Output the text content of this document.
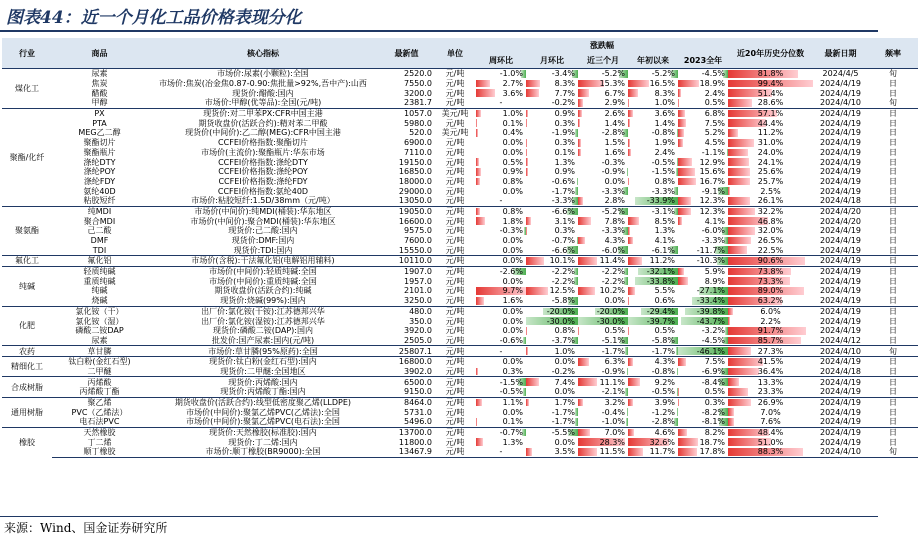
图表44：近一个月化工品价格表现分化
行业	商品	核心指标	最新值	单位	涨跌幅					近20年历史分位数	最新日期	频率
					周环比	月环比	近三个月	年初以来	2023全年			
煤化工	尿素	市场价:尿素(小颗粒):全国	2520.0	元/吨	-1.0%	-3.4%	-5.2%	-5.2%	-4.5%	81.8%	2024/4/5	旬
	焦炭	市场价:焦炭(冶金焦0.87-0.90:焦批量>92%,吾中产):山西	7550.0	元/吨	2.7%	8.3%	15.3%	16.5%	18.9%	99.4%	2024/4/19	日
	醋酸	现货价:醋酸:国内	3200.0	元/吨	3.6%	7.7%	6.7%	8.3%	2.4%	51.4%	2024/4/19	日
	甲醇	市场价:甲醇(优等品):全国(元/吨)	2381.7	元/吨	-	-0.2%	2.9%	1.0%	0.5%	28.6%	2024/4/10	旬
聚酯/化纤	PX	现货价:对二甲苯PX:CFR中国主港	1057.0	美元/吨	1.0%	0.9%	2.6%	3.6%	6.8%	57.1%	2024/4/19	日
	PTA	期货收盘价(活跃合约):精对苯二甲酸	5980.0	元/吨	0.1%	0.3%	1.4%	1.4%	7.5%	44.4%	2024/4/19	日
	MEG乙二醇	现货价(中间价):乙二醇(MEG):CFR中国主港	520.0	美元/吨	0.4%	-1.9%	-2.8%	-0.8%	5.2%	11.2%	2024/4/19	日
	聚酯切片	CCFEI价格指数:聚酯切片	6900.0	元/吨	0.0%	0.3%	1.5%	1.9%	4.5%	31.0%	2024/4/19	日
	聚酯瓶片	市场价(主流价):聚酯瓶片:华东市场	7110.0	元/吨	0.0%	0.1%	1.6%	2.4%	-1.1%	24.0%	2024/4/19	日
	涤纶DTY	CCFEI价格指数:涤纶DTY	19150.0	元/吨	0.5%	1.3%	-0.3%	-0.5%	12.9%	24.1%	2024/4/19	日
	涤纶POY	CCFEI价格指数:涤纶POY	16850.0	元/吨	0.9%	0.9%	-0.9%	-1.5%	15.6%	25.6%	2024/4/19	日
	涤纶FDY	CCFEI价格指数:涤纶FDY	18000.0	元/吨	0.8%	-0.6%	0.0%	0.8%	16.7%	25.7%	2024/4/19	日
	氨纶40D	CCFEI价格指数:氨纶40D	29000.0	元/吨	0.0%	-1.7%	-3.3%	-3.3%	-9.1%	2.5%	2024/4/19	日
	粘胶短纤	市场价:粘胶短纤:1.5D/38mm（元/吨）	13050.0	元/吨	-	-3.3%	2.8%	-33.9%	12.3%	26.1%	2024/4/18	日
聚氨酯	纯MDI	市场价(中间价):纯MDI(桶装):华东地区	19050.0	元/吨	0.8%	-6.6%	-5.2%	-3.1%	12.3%	32.2%	2024/4/20	日
	聚合MDI	市场价(中间价):聚合MDI(桶装):华东地区	16600.0	元/吨	1.8%	3.1%	7.8%	8.5%	4.1%	46.8%	2024/4/20	日
	己二酸	现货价:己二酸:国内	9575.0	元/吨	-0.3%	0.3%	-3.3%	1.3%	-6.0%	32.0%	2024/4/19	日
	DMF	现货价:DMF:国内	7600.0	元/吨	0.0%	-0.7%	4.3%	4.1%	-3.3%	26.5%	2024/4/19	日
	TDI	现货价:TDI:国内	15550.0	元/吨	0.0%	-6.6%	-6.0%	-6.1%	-11.7%	22.5%	2024/4/19	日
氟化工	氟化铝	市场价(含税):干法氟化铝(电解铝用辅料)	10110.0	元/吨	0.0%	10.1%	11.4%	11.2%	-10.3%	90.6%	2024/4/19	日
纯碱	轻质纯碱	市场价(中间价):轻质纯碱:全国	1907.0	元/吨	-2.6%	-2.2%	-2.2%	-32.1%	5.9%	73.8%	2024/4/19	日
	重质纯碱	市场价(中间价):重质纯碱:全国	1957.0	元/吨	0.0%	-2.2%	-2.2%	-33.8%	8.9%	73.3%	2024/4/19	日
	纯碱	期货收盘价(活跃合约):纯碱	2101.0	元/吨	9.7%	12.5%	10.2%	5.5%	-27.1%	89.0%	2024/4/19	日
	烧碱	现货价:烧碱(99%):国内	3250.0	元/吨	1.6%	-5.8%	0.0%	0.6%	-33.4%	63.2%	2024/4/19	日
化肥	氯化铵（干）	出厂价:氯化铵(干铵):江苏德邦兴华	480.0	元/吨	0.0%	-20.0%	-20.0%	-29.4%	-39.8%	6.0%	2024/4/19	日
	氯化铵（湿）	出厂价:氯化铵(湿铵):江苏德邦兴华	350.0	元/吨	0.0%	-30.0%	-30.0%	-39.7%	-43.7%	2.2%	2024/4/19	日
	磷酸二铵DAP	现货价:磷酸二铵(DAP):国内	3920.0	元/吨	0.0%	0.8%	0.5%	0.5%	-3.2%	91.7%	2024/4/19	日
	尿素	批发价:国产尿素:国内(元/吨)	2505.0	元/吨	-0.6%	-3.7%	-5.1%	-5.8%	-4.5%	85.7%	2024/4/12	日
农药	草甘膦	市场价:草甘膦(95%原药):全国	25807.1	元/吨	-	1.0%	-1.7%	-1.7%	-46.1%	27.3%	2024/4/10	旬
精细化工	钛白粉(金红石型)	现货价:钛白粉(金红石型):国内	16800.0	元/吨	0.0%	0.0%	6.3%	4.3%	7.5%	41.5%	2024/4/19	日
	二甲醚	现货价:二甲醚:全国地区	3902.0	元/吨	0.3%	-0.2%	-0.9%	-0.8%	-6.9%	36.4%	2024/4/18	日
合成树脂	丙烯酸	现货价:丙烯酸:国内	6500.0	元/吨	-1.5%	7.4%	11.1%	9.2%	-8.4%	13.3%	2024/4/19	日
	丙烯酸丁酯	现货价:丙烯酸丁酯:国内	9150.0	元/吨	-0.5%	0.0%	-2.1%	-0.5%	0.5%	23.3%	2024/4/19	日
通用树脂	聚乙烯	期货收盘价(活跃合约):线型低密度聚乙烯(LLDPE)	8464.0	元/吨	1.1%	1.7%	3.2%	3.9%	0.3%	26.9%	2024/4/19	日
	PVC（乙烯法）	市场价(中间价):聚氯乙烯PVC(乙烯法):全国	5731.0	元/吨	0.0%	-1.7%	-0.4%	-1.2%	-8.2%	7.0%	2024/4/19	日
	电石法PVC	市场价(中间价):聚氯乙烯PVC(电石法):全国	5496.0	元/吨	0.1%	-1.7%	-1.0%	-2.8%	-8.1%	7.6%	2024/4/19	日
橡胶	天然橡胶	现货价:天然橡胶(标准胶):国内	13700.0	元/吨	-0.7%	-5.5%	7.0%	4.6%	8.2%	48.4%	2024/4/19	日
	丁二烯	现货价:丁二烯:国内	11800.0	元/吨	1.3%	0.0%	28.3%	32.6%	18.7%	51.0%	2024/4/19	日
	顺丁橡胶	市场价:顺丁橡胶(BR9000):全国	13467.9	元/吨	-	3.5%	11.5%	11.7%	17.8%	88.3%	2024/4/10	旬
来源：Wind、国金证券研究所
